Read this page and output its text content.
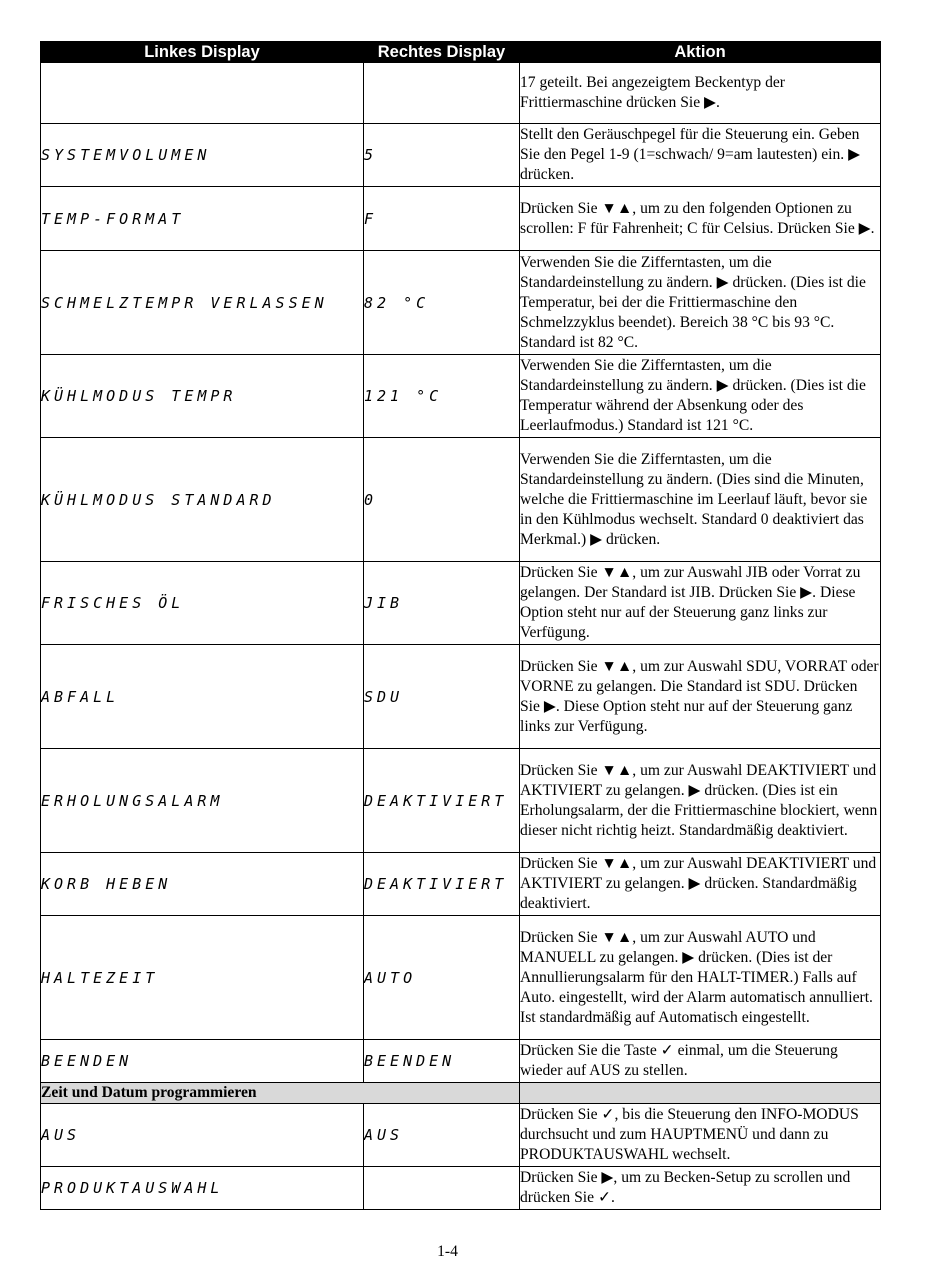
Linkes Display	Rechtes Display	Aktion
		17 geteilt. Bei angezeigtem Beckentyp der Frittiermaschine drücken Sie ▶.
SYSTEMVOLUMEN	5	Stellt den Geräuschpegel für die Steuerung ein. Geben Sie den Pegel 1-9 (1=schwach/ 9=am lautesten) ein. ▶ drücken.
TEMP-FORMAT	F	Drücken Sie ▼▲, um zu den folgenden Optionen zu scrollen: F für Fahrenheit; C für Celsius. Drücken Sie ▶.
SCHMELZTEMPR VERLASSEN	82 °C	Verwenden Sie die Zifferntasten, um die Standardeinstellung zu ändern. ▶ drücken. (Dies ist die Temperatur, bei der die Frittiermaschine den Schmelzzyklus beendet). Bereich 38 °C bis 93 °C. Standard ist 82 °C.
KÜHLMODUS TEMPR	121 °C	Verwenden Sie die Zifferntasten, um die Standardeinstellung zu ändern. ▶ drücken. (Dies ist die Temperatur während der Absenkung oder des Leerlaufmodus.) Standard ist 121 °C.
KÜHLMODUS STANDARD	0	Verwenden Sie die Zifferntasten, um die Standardeinstellung zu ändern. (Dies sind die Minuten, welche die Frittiermaschine im Leerlauf läuft, bevor sie in den Kühlmodus wechselt. Standard 0 deaktiviert das Merkmal.) ▶ drücken.
FRISCHES ÖL	JIB	Drücken Sie ▼▲, um zur Auswahl JIB oder Vorrat zu gelangen. Der Standard ist JIB. Drücken Sie ▶. Diese Option steht nur auf der Steuerung ganz links zur Verfügung.
ABFALL	SDU	Drücken Sie ▼▲, um zur Auswahl SDU, VORRAT oder VORNE zu gelangen. Die Standard ist SDU. Drücken Sie ▶. Diese Option steht nur auf der Steuerung ganz links zur Verfügung.
ERHOLUNGSALARM	DEAKTIVIERT	Drücken Sie ▼▲, um zur Auswahl DEAKTIVIERT und AKTIVIERT zu gelangen. ▶ drücken. (Dies ist ein Erholungsalarm, der die Frittiermaschine blockiert, wenn dieser nicht richtig heizt. Standardmäßig deaktiviert.
KORB HEBEN	DEAKTIVIERT	Drücken Sie ▼▲, um zur Auswahl DEAKTIVIERT und AKTIVIERT zu gelangen. ▶ drücken. Standardmäßig deaktiviert.
HALTEZEIT	AUTO	Drücken Sie ▼▲, um zur Auswahl AUTO und MANUELL zu gelangen. ▶ drücken. (Dies ist der Annullierungsalarm für den HALT-TIMER.) Falls auf Auto. eingestellt, wird der Alarm automatisch annulliert. Ist standardmäßig auf Automatisch eingestellt.
BEENDEN	BEENDEN	Drücken Sie die Taste ✓ einmal, um die Steuerung wieder auf AUS zu stellen.
Zeit und Datum programmieren		
AUS	AUS	Drücken Sie ✓, bis die Steuerung den INFO-MODUS durchsucht und zum HAUPTMENÜ und dann zu PRODUKTAUSWAHL wechselt.
PRODUKTAUSWAHL		Drücken Sie ▶, um zu Becken-Setup zu scrollen und drücken Sie ✓.
1-4
